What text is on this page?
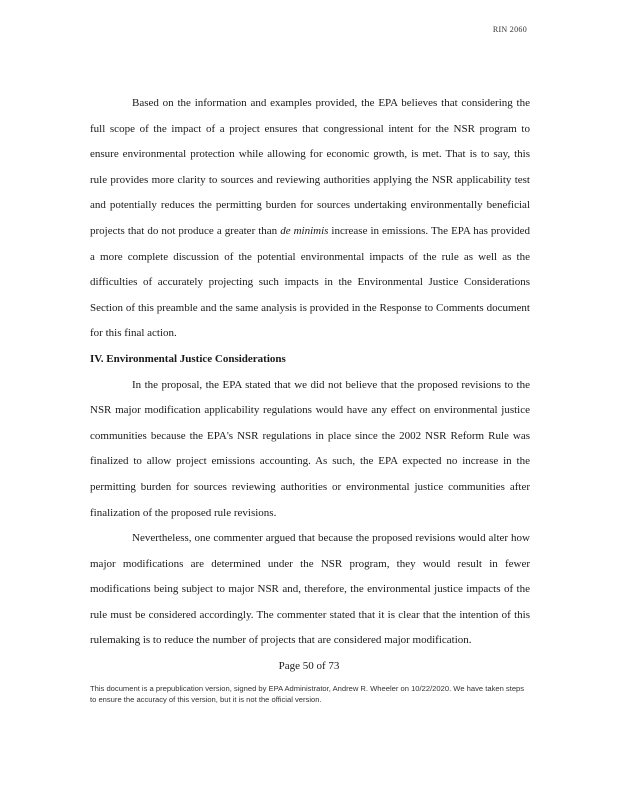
RIN 2060

Based on the information and examples provided, the EPA believes that considering the full scope of the impact of a project ensures that congressional intent for the NSR program to ensure environmental protection while allowing for economic growth, is met. That is to say, this rule provides more clarity to sources and reviewing authorities applying the NSR applicability test and potentially reduces the permitting burden for sources undertaking environmentally beneficial projects that do not produce a greater than de minimis increase in emissions. The EPA has provided a more complete discussion of the potential environmental impacts of the rule as well as the difficulties of accurately projecting such impacts in the Environmental Justice Considerations Section of this preamble and the same analysis is provided in the Response to Comments document for this final action.

IV. Environmental Justice Considerations

In the proposal, the EPA stated that we did not believe that the proposed revisions to the NSR major modification applicability regulations would have any effect on environmental justice communities because the EPA's NSR regulations in place since the 2002 NSR Reform Rule was finalized to allow project emissions accounting. As such, the EPA expected no increase in the permitting burden for sources reviewing authorities or environmental justice communities after finalization of the proposed rule revisions.

Nevertheless, one commenter argued that because the proposed revisions would alter how major modifications are determined under the NSR program, they would result in fewer modifications being subject to major NSR and, therefore, the environmental justice impacts of the rule must be considered accordingly. The commenter stated that it is clear that the intention of this rulemaking is to reduce the number of projects that are considered major modification.

Page 50 of 73
This document is a prepublication version, signed by EPA Administrator, Andrew R. Wheeler on 10/22/2020. We have taken steps to ensure the accuracy of this version, but it is not the official version.
